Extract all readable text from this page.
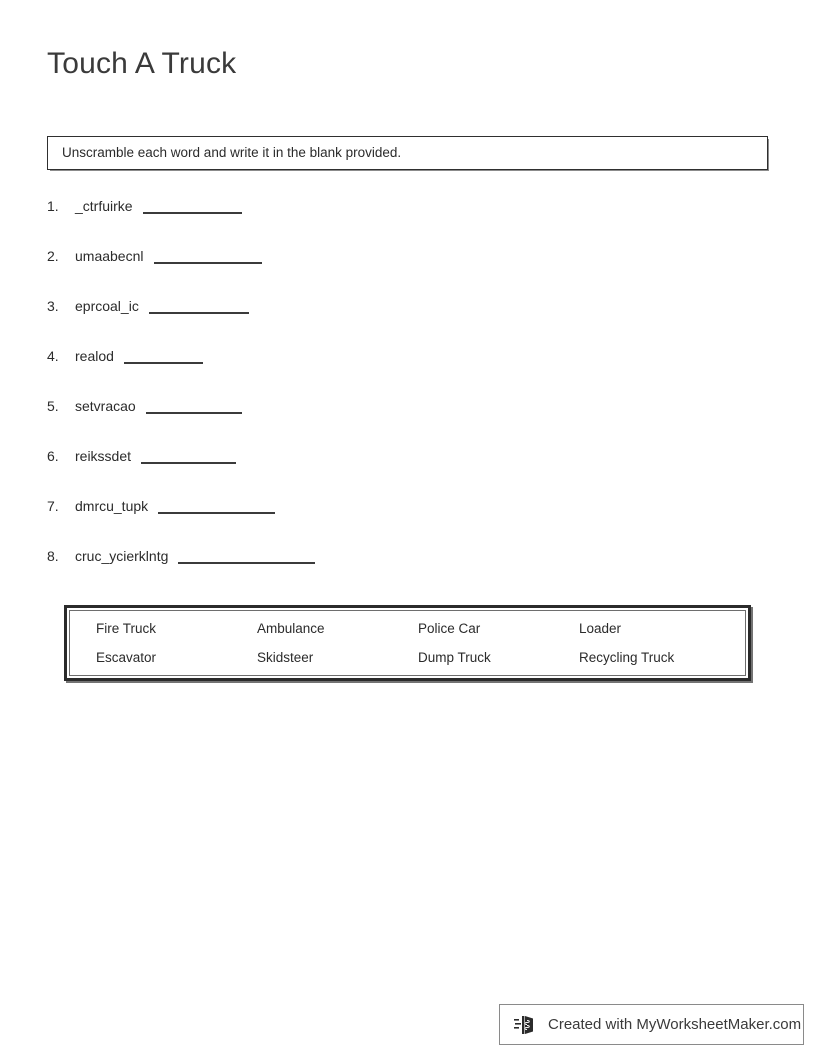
Touch A Truck
Unscramble each word and write it in the blank provided.
1.	_ctrfuirke
2.	umaabecnl
3.	eprcoal_ic
4.	realod
5.	setvracao
6.	reikssdet
7.	dmrcu_tupk
8.	cruc_ycierklntg
Fire Truck	Ambulance	Police Car	Loader
Escavator	Skidsteer	Dump Truck	Recycling Truck
Created with MyWorksheetMaker.com
